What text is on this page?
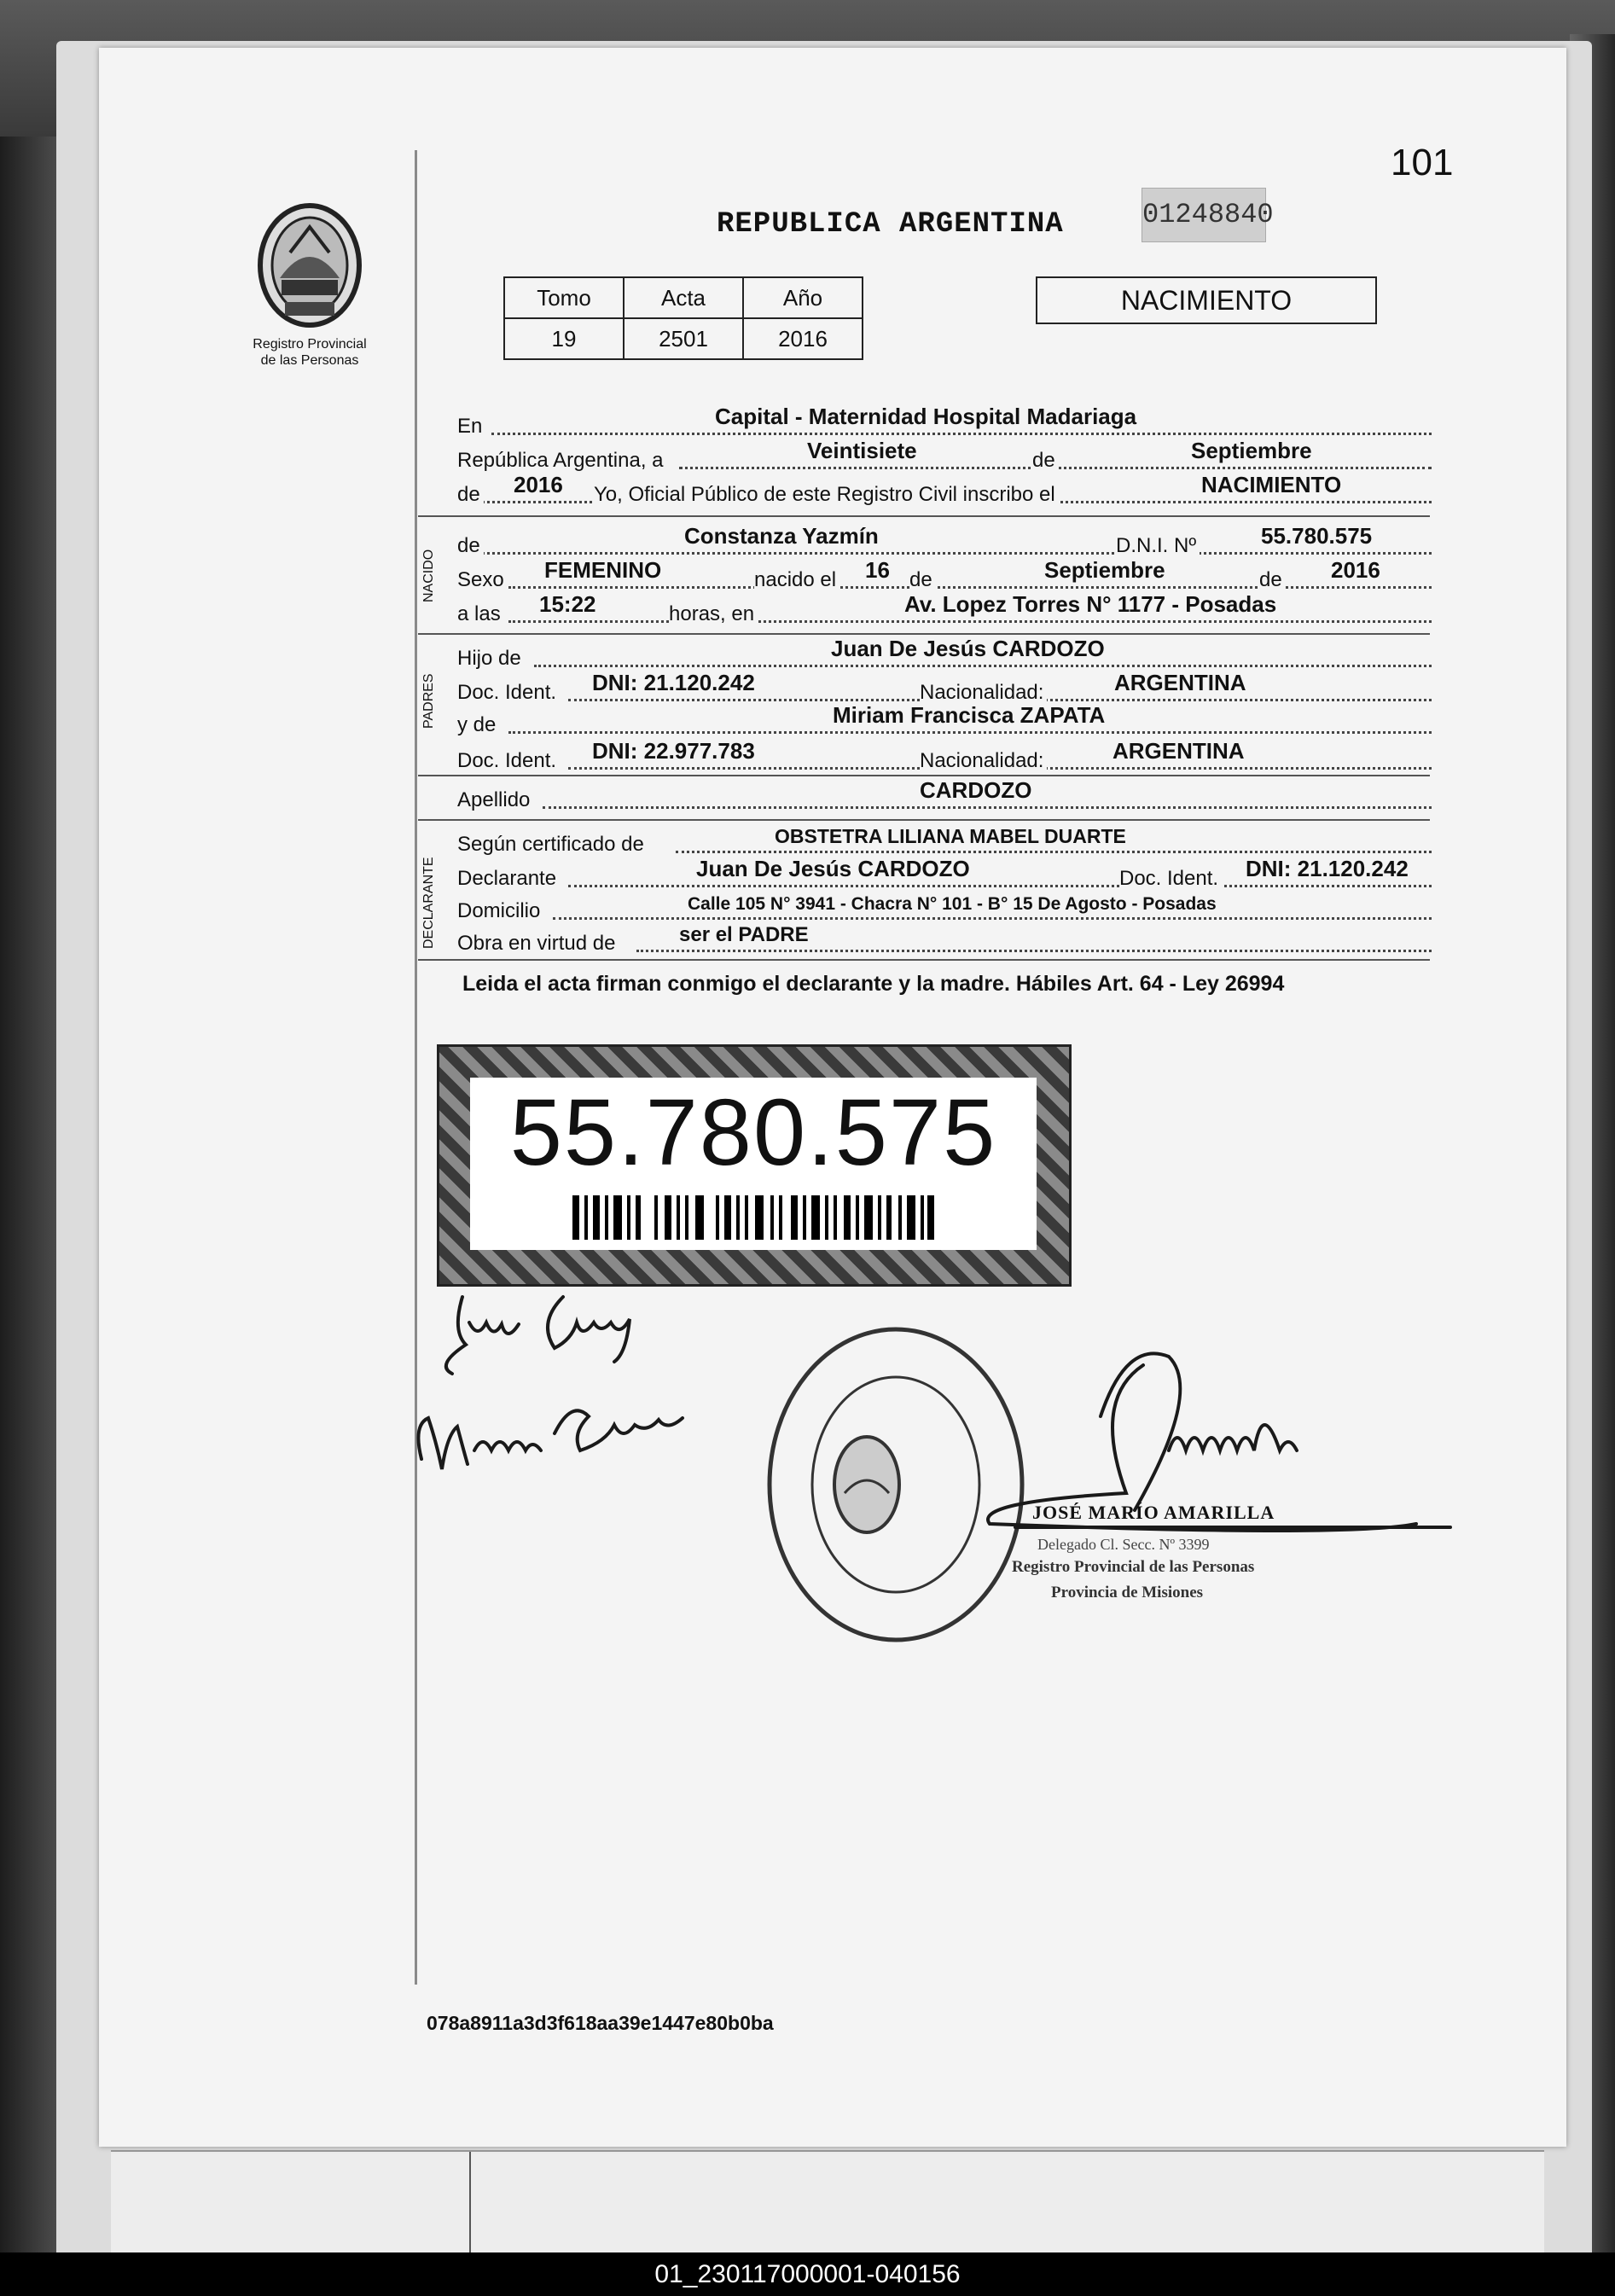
101
Registro Provincial
de las Personas
REPUBLICA ARGENTINA	01248840
Tomo	Acta	Año
19	2501	2016
NACIMIENTO
En	Capital - Maternidad Hospital Madariaga
República Argentina, a	Veintisiete	de	Septiembre
de 2016 Yo, Oficial Público de este Registro Civil inscribo el	NACIMIENTO
NACIDO
de	Constanza Yazmín	D.N.I. Nº	55.780.575
Sexo FEMENINO	nacido el 16 de	Septiembre	de 2016
a las 15:22	horas, en	Av. Lopez Torres N° 1177 - Posadas
PADRES
Hijo de	Juan De Jesús CARDOZO
Doc. Ident. DNI: 21.120.242	Nacionalidad:	ARGENTINA
y de	Miriam Francisca ZAPATA
Doc. Ident. DNI: 22.977.783	Nacionalidad:	ARGENTINA
Apellido	CARDOZO
DECLARANTE
Según certificado de	OBSTETRA LILIANA MABEL DUARTE
Declarante	Juan De Jesús CARDOZO	Doc. Ident. DNI: 21.120.242
Domicilio	Calle 105 N° 3941 - Chacra N° 101 - B° 15 De Agosto - Posadas
Obra en virtud de	ser el PADRE
Leida el acta firman conmigo el declarante y la madre. Hábiles Art. 64 - Ley 26994
55.780.575
JOSÉ MARÍO AMARILLA
Delegado Cl. Secc. Nº 3399
Registro Provincial de las Personas
Provincia de Misiones
078a8911a3d3f618aa39e1447e80b0ba
01_230117000001-040156
